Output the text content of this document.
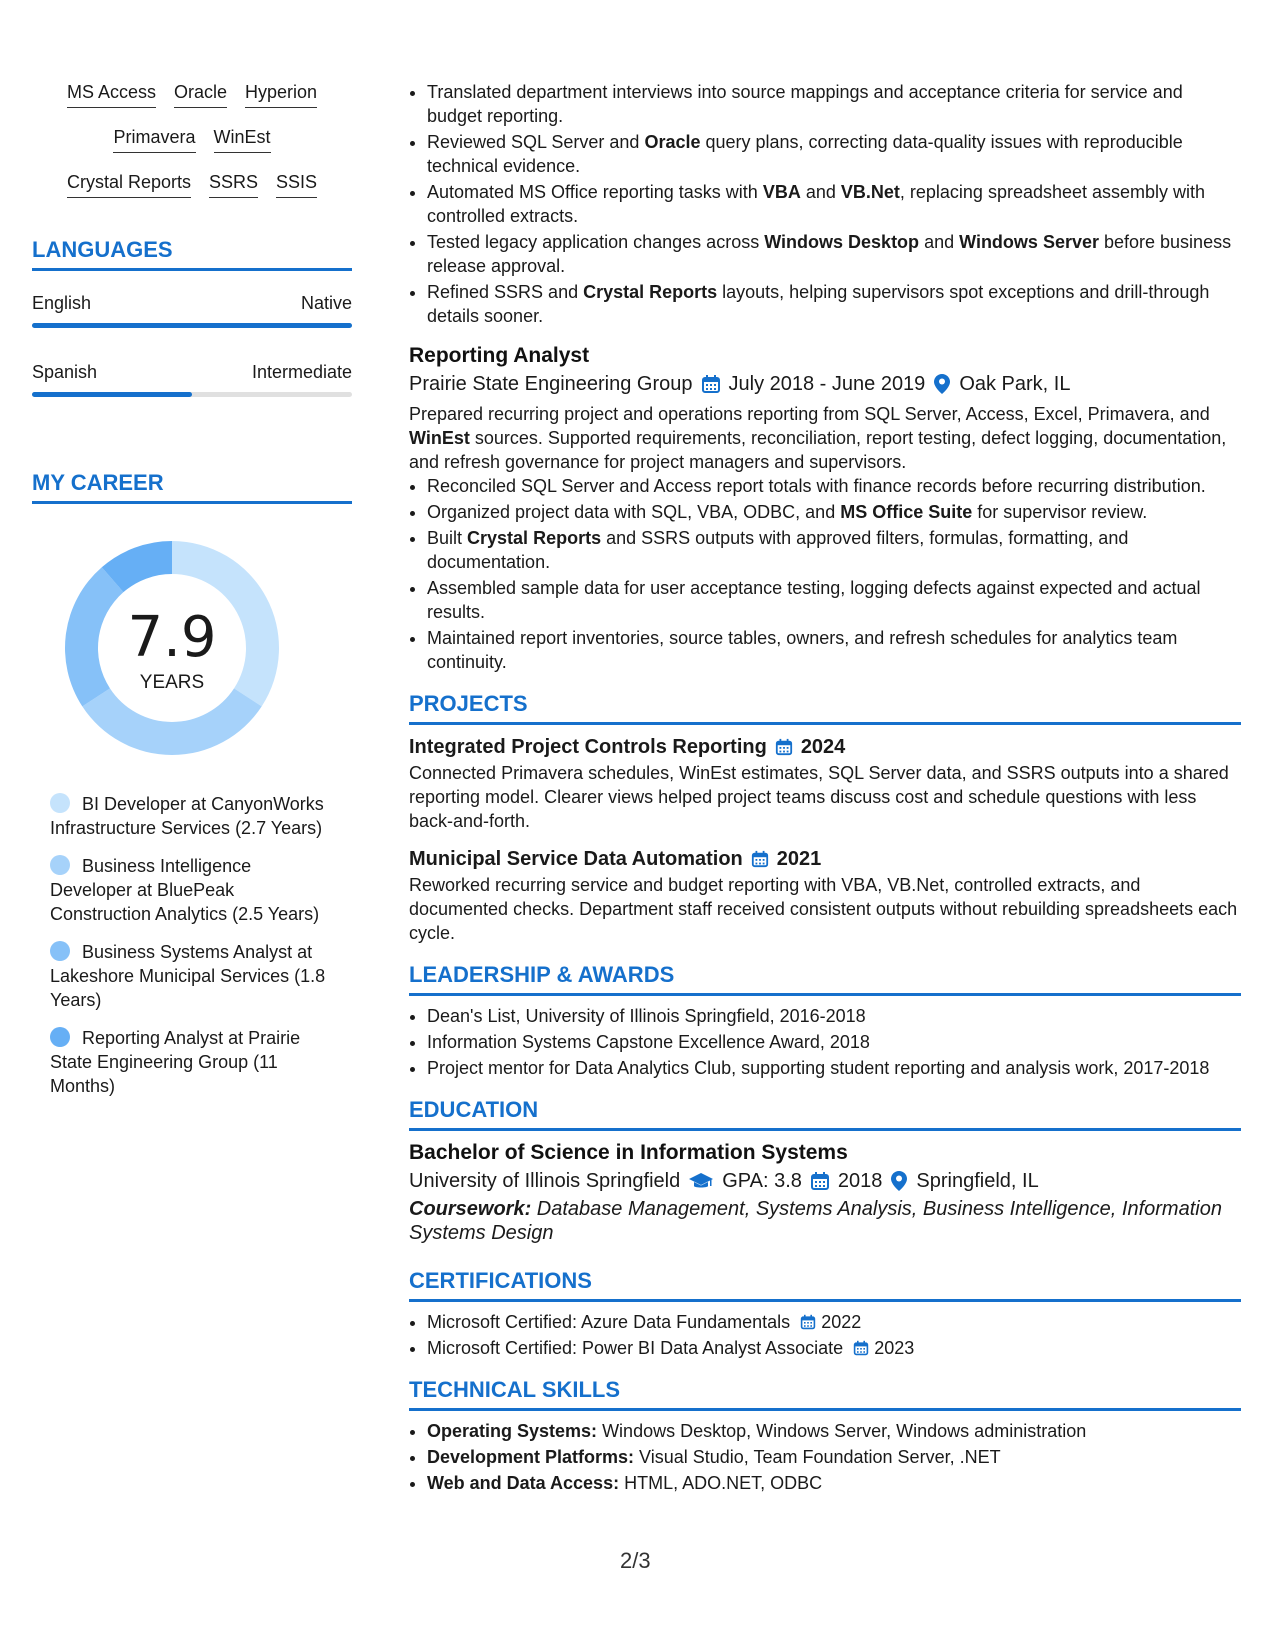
MS Access Oracle Hyperion
Primavera WinEst
Crystal Reports SSRS SSIS
LANGUAGES
English	Native
Spanish	Intermediate
MY CAREER
7.9
YEARS
BI Developer at CanyonWorks Infrastructure Services (2.7 Years)
Business Intelligence Developer at BluePeak Construction Analytics (2.5 Years)
Business Systems Analyst at Lakeshore Municipal Services (1.8 Years)
Reporting Analyst at Prairie State Engineering Group (11 Months)
• Translated department interviews into source mappings and acceptance criteria for service and budget reporting.
• Reviewed SQL Server and Oracle query plans, correcting data-quality issues with reproducible technical evidence.
• Automated MS Office reporting tasks with VBA and VB.Net, replacing spreadsheet assembly with controlled extracts.
• Tested legacy application changes across Windows Desktop and Windows Server before business release approval.
• Refined SSRS and Crystal Reports layouts, helping supervisors spot exceptions and drill-through details sooner.
Reporting Analyst
Prairie State Engineering Group July 2018 - June 2019 Oak Park, IL
Prepared recurring project and operations reporting from SQL Server, Access, Excel, Primavera, and WinEst sources. Supported requirements, reconciliation, report testing, defect logging, documentation, and refresh governance for project managers and supervisors.
• Reconciled SQL Server and Access report totals with finance records before recurring distribution.
• Organized project data with SQL, VBA, ODBC, and MS Office Suite for supervisor review.
• Built Crystal Reports and SSRS outputs with approved filters, formulas, formatting, and documentation.
• Assembled sample data for user acceptance testing, logging defects against expected and actual results.
• Maintained report inventories, source tables, owners, and refresh schedules for analytics team continuity.
PROJECTS
Integrated Project Controls Reporting 2024
Connected Primavera schedules, WinEst estimates, SQL Server data, and SSRS outputs into a shared reporting model. Clearer views helped project teams discuss cost and schedule questions with less back-and-forth.
Municipal Service Data Automation 2021
Reworked recurring service and budget reporting with VBA, VB.Net, controlled extracts, and documented checks. Department staff received consistent outputs without rebuilding spreadsheets each cycle.
LEADERSHIP & AWARDS
• Dean's List, University of Illinois Springfield, 2016-2018
• Information Systems Capstone Excellence Award, 2018
• Project mentor for Data Analytics Club, supporting student reporting and analysis work, 2017-2018
EDUCATION
Bachelor of Science in Information Systems
University of Illinois Springfield GPA: 3.8 2018 Springfield, IL
Coursework: Database Management, Systems Analysis, Business Intelligence, Information Systems Design
CERTIFICATIONS
• Microsoft Certified: Azure Data Fundamentals 2022
• Microsoft Certified: Power BI Data Analyst Associate 2023
TECHNICAL SKILLS
• Operating Systems: Windows Desktop, Windows Server, Windows administration
• Development Platforms: Visual Studio, Team Foundation Server, .NET
• Web and Data Access: HTML, ADO.NET, ODBC
2/3
